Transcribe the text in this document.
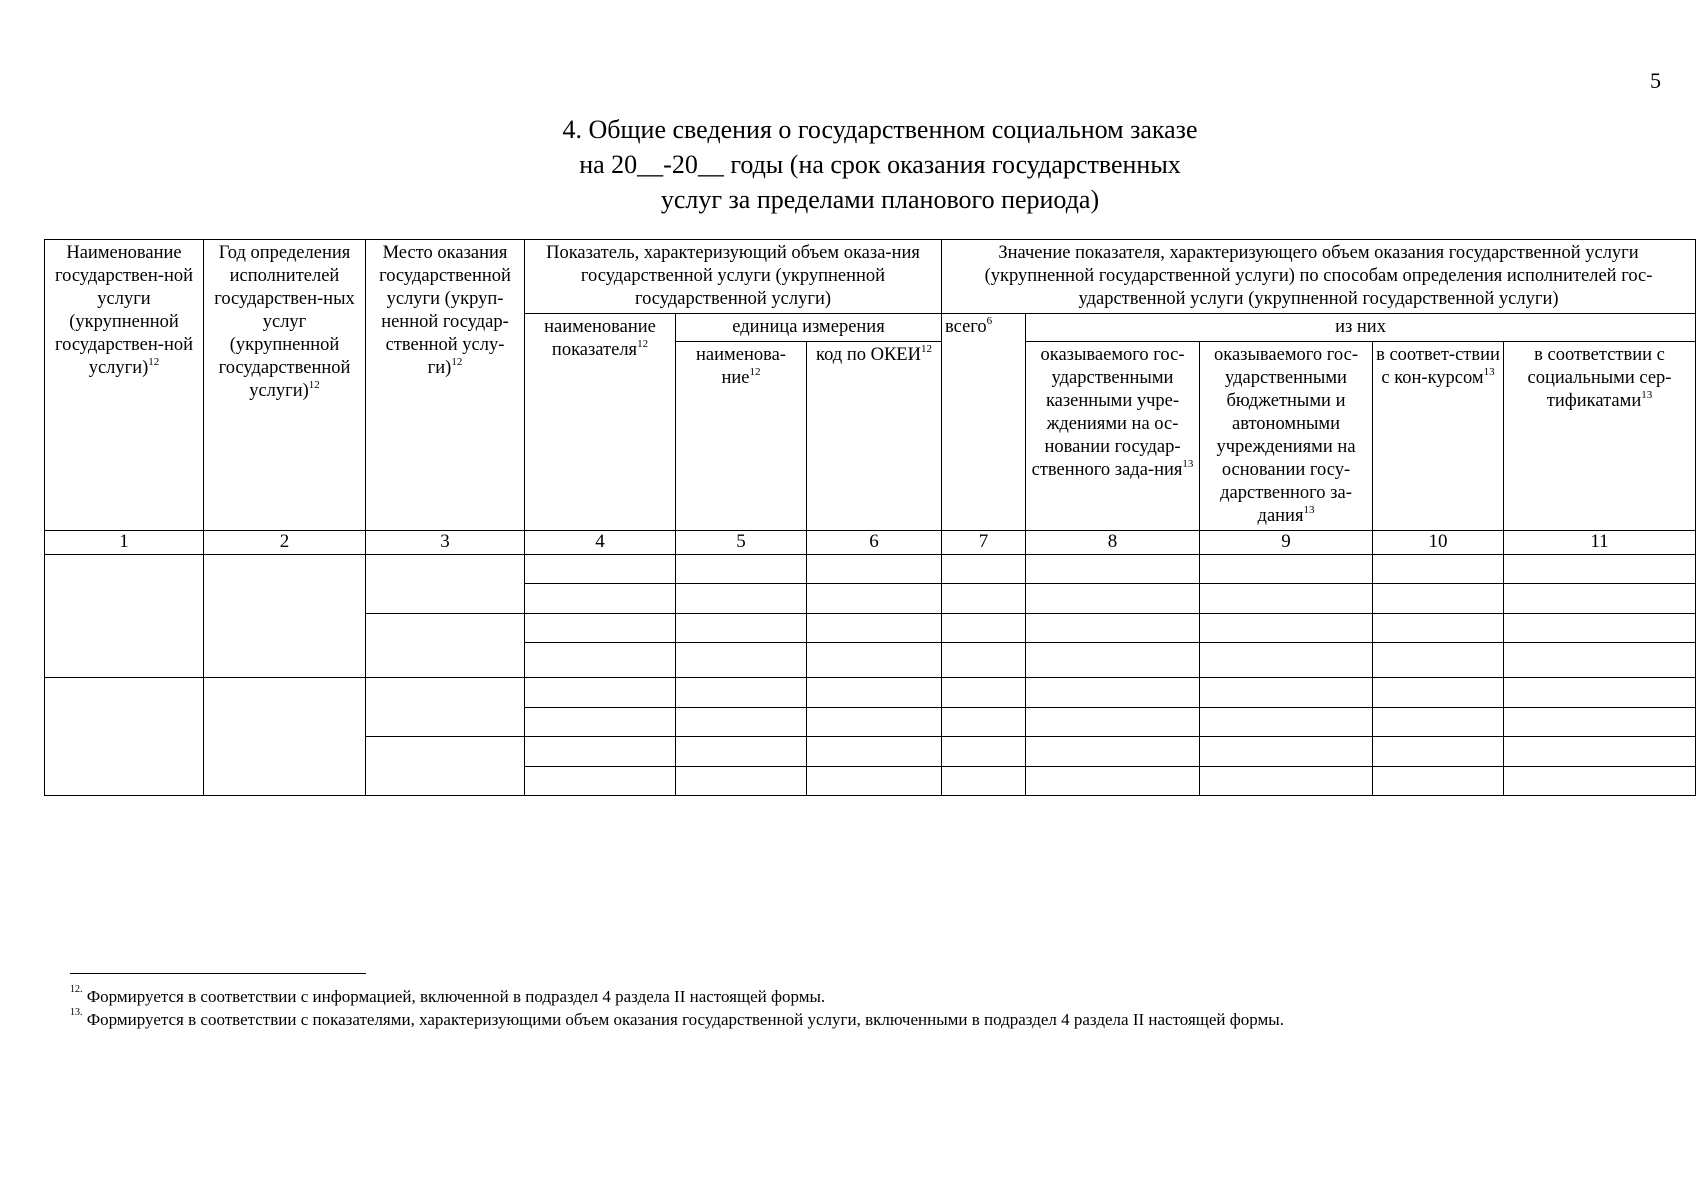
5
4. Общие сведения о государственном социальном заказе
на 20__-20__ годы (на срок оказания государственных
услуг за пределами планового периода)
Наименование государствен-ной услуги (укрупненной государствен-ной услуги)$^{12}$	Год определения исполнителей государствен-ных услуг (укрупненной государственной услуги)$^{12}$	Место оказания государственной услуги (укруп-ненной государ-ственной услу-ги)$^{12}$	Показатель, характеризующий объем оказа-ния государственной услуги (укрупненной государственной услуги)			Значение показателя, характеризующего объем оказания государственной услуги (укрупненной государственной услуги) по способам определения исполнителей гос-ударственной услуги (укрупненной государственной услуги)				
			наименование показателя$^{12}$	единица измерения		всего$^6$	из них			
				наименова-ние$^{12}$	код по ОКЕИ$^{12}$		оказываемого гос-ударственными казенными учре-ждениями на ос-новании государ-ственного зада-ния$^{13}$	оказываемого гос-ударственными бюджетными и автономными учреждениями на основании госу-дарственного за-дания$^{13}$	в соответ-ствии с кон-курсом$^{13}$	в соответствии с социальными сер-тификатами$^{13}$
1	2	3	4	5	6	7	8	9	10	11

$^{12.}$ Формируется в соответствии с информацией, включенной в подраздел 4 раздела II настоящей формы.
$^{13.}$ Формируется в соответствии с показателями, характеризующими объем оказания государственной услуги, включенными в подраздел 4 раздела II настоящей формы.
